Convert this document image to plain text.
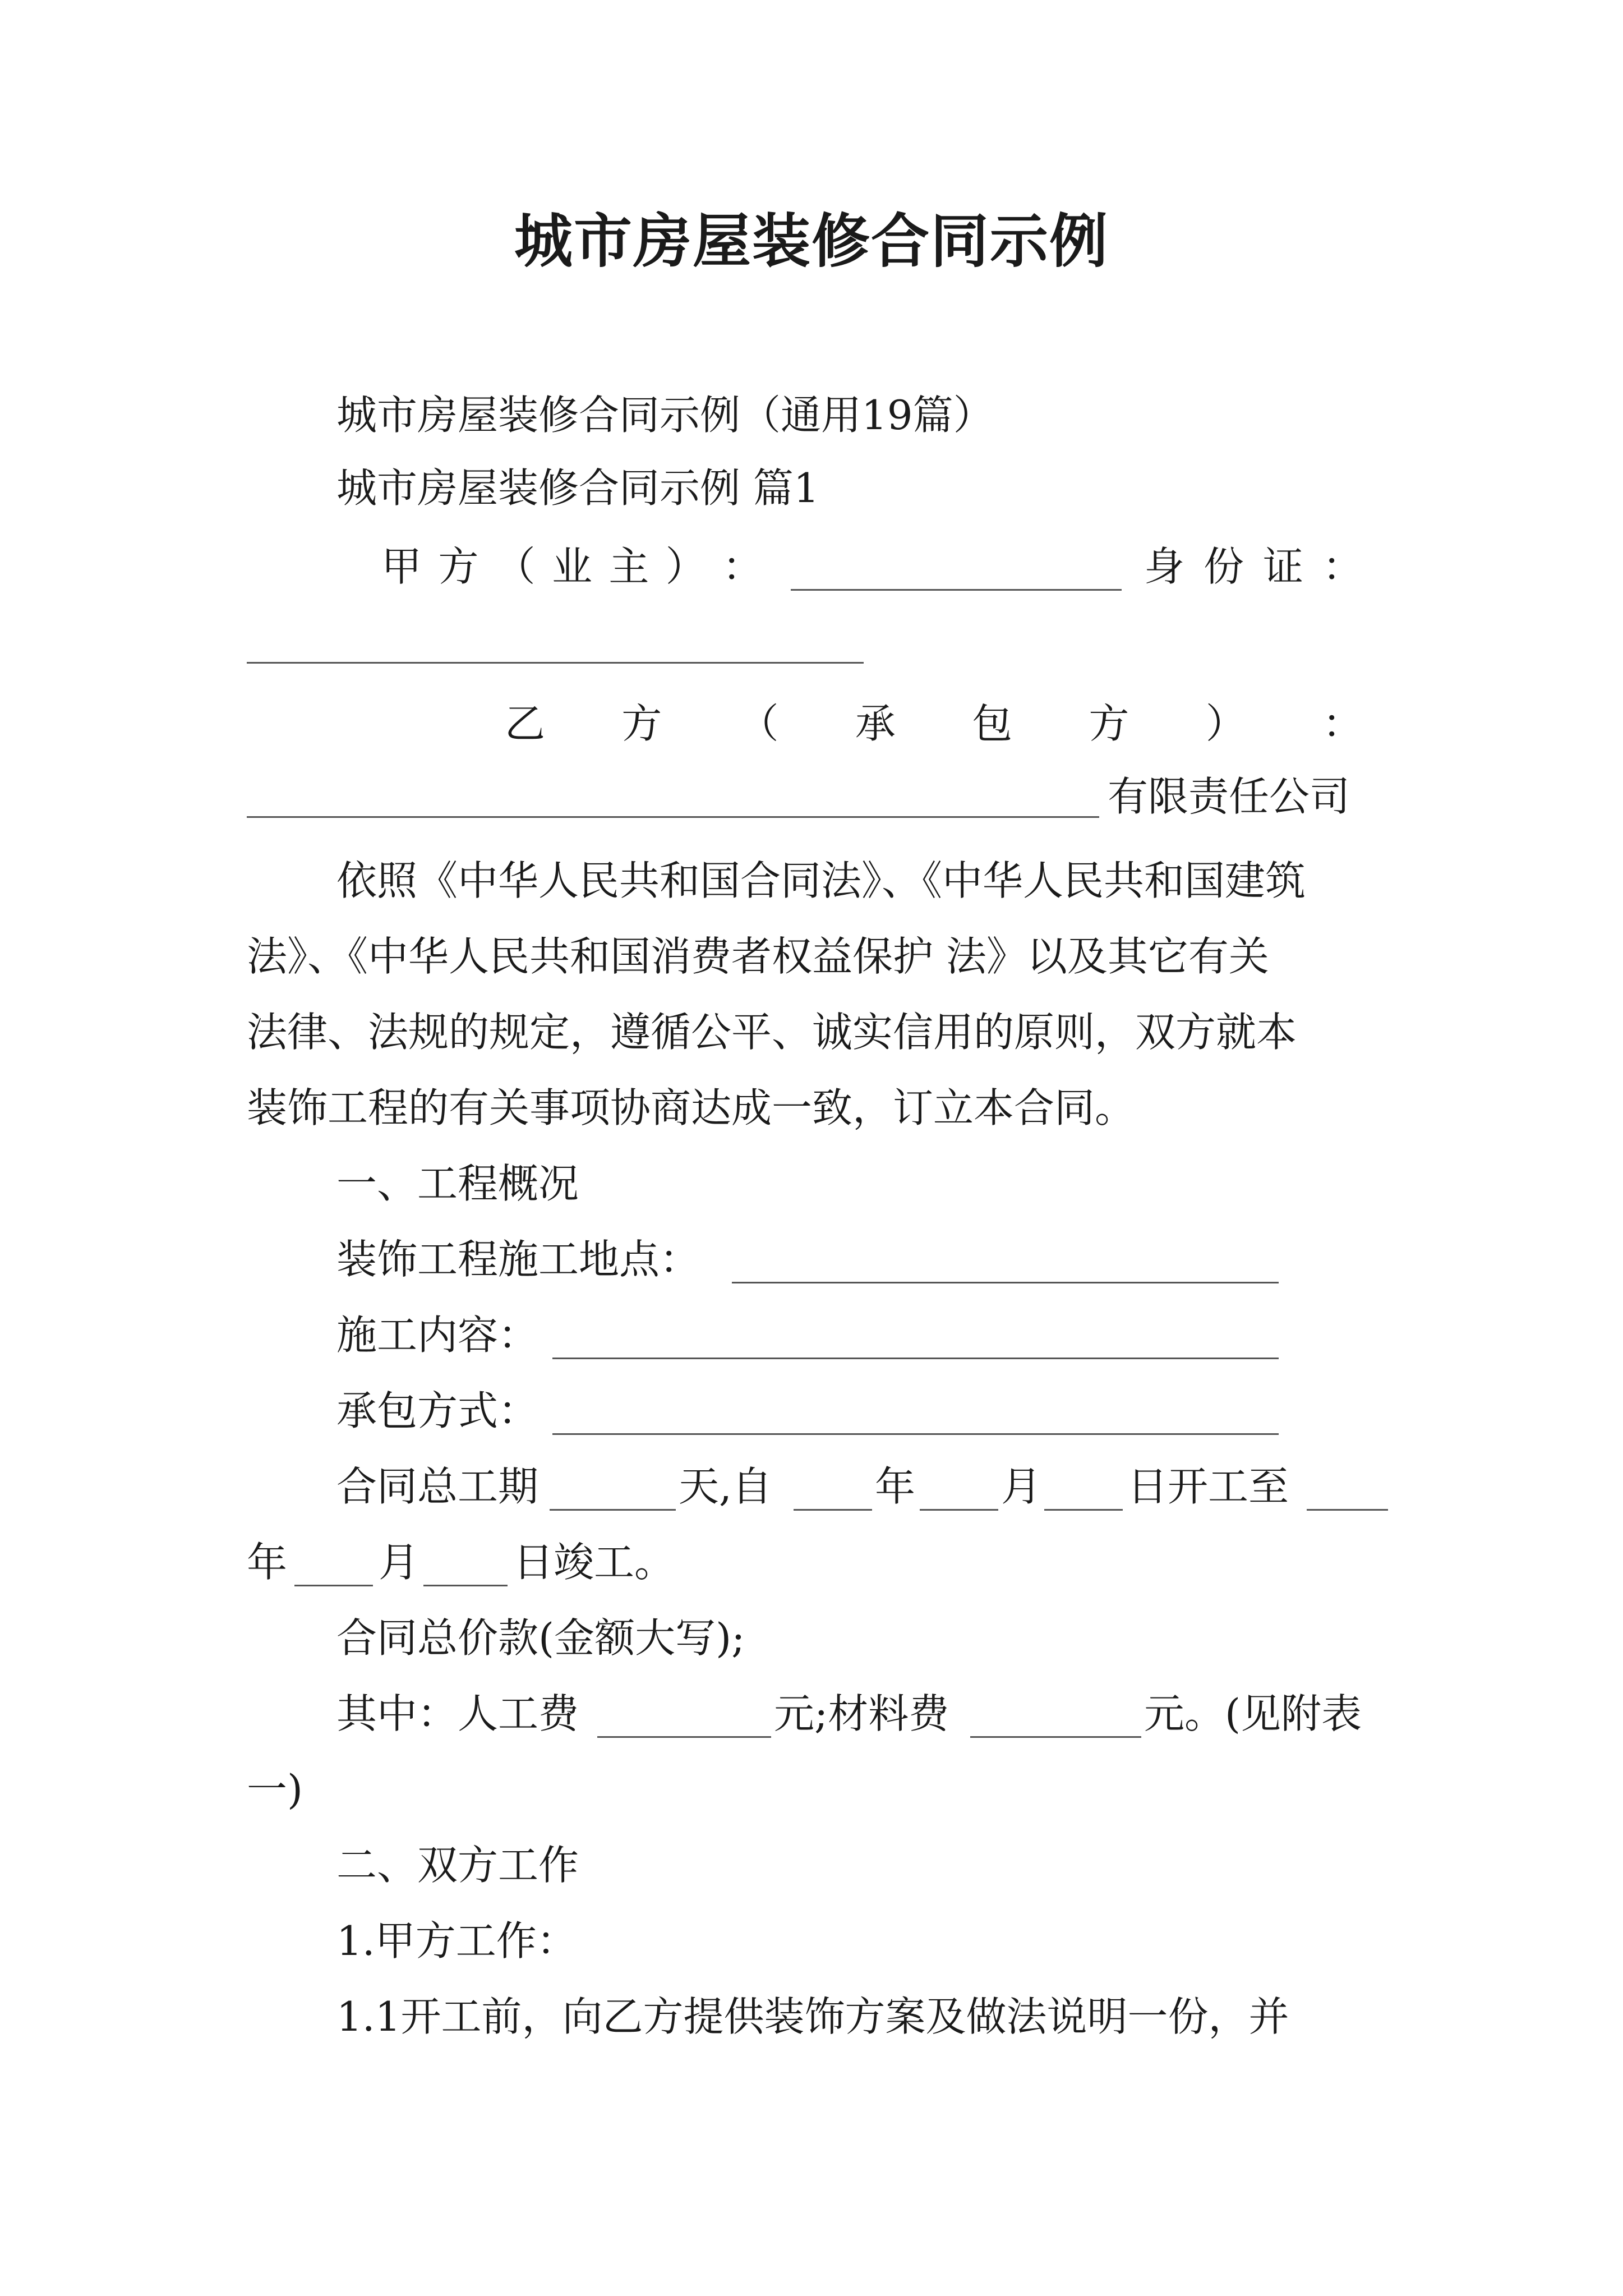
城市房屋装修合同示例
城市房屋装修合同示例（通用19篇）
城市房屋装修合同示例 篇1
甲 方 （ 业 主 ） ：	身 份 证 ：
乙 方 （ 承 包 方 ） ：
有限责任公司
依照《中华人民共和国合同法》、《中华人民共和国建筑
法》、《中华人民共和国消费者权益保护 法》以及其它有关
法律、法规的规定，遵循公平、诚实信用的原则，双方就本
装饰工程的有关事项协商达成一致，订立本合同。
一、工程概况
装饰工程施工地点：
施工内容：
承包方式：
合同总工期	天,自	年 月 日开工至
年 月 日竣工。
合同总价款(金额大写);
其中：人工费	元;材料费	元。(见附表
一)
二、双方工作
1.甲方工作：
1.1开工前，向乙方提供装饰方案及做法说明一份，并
